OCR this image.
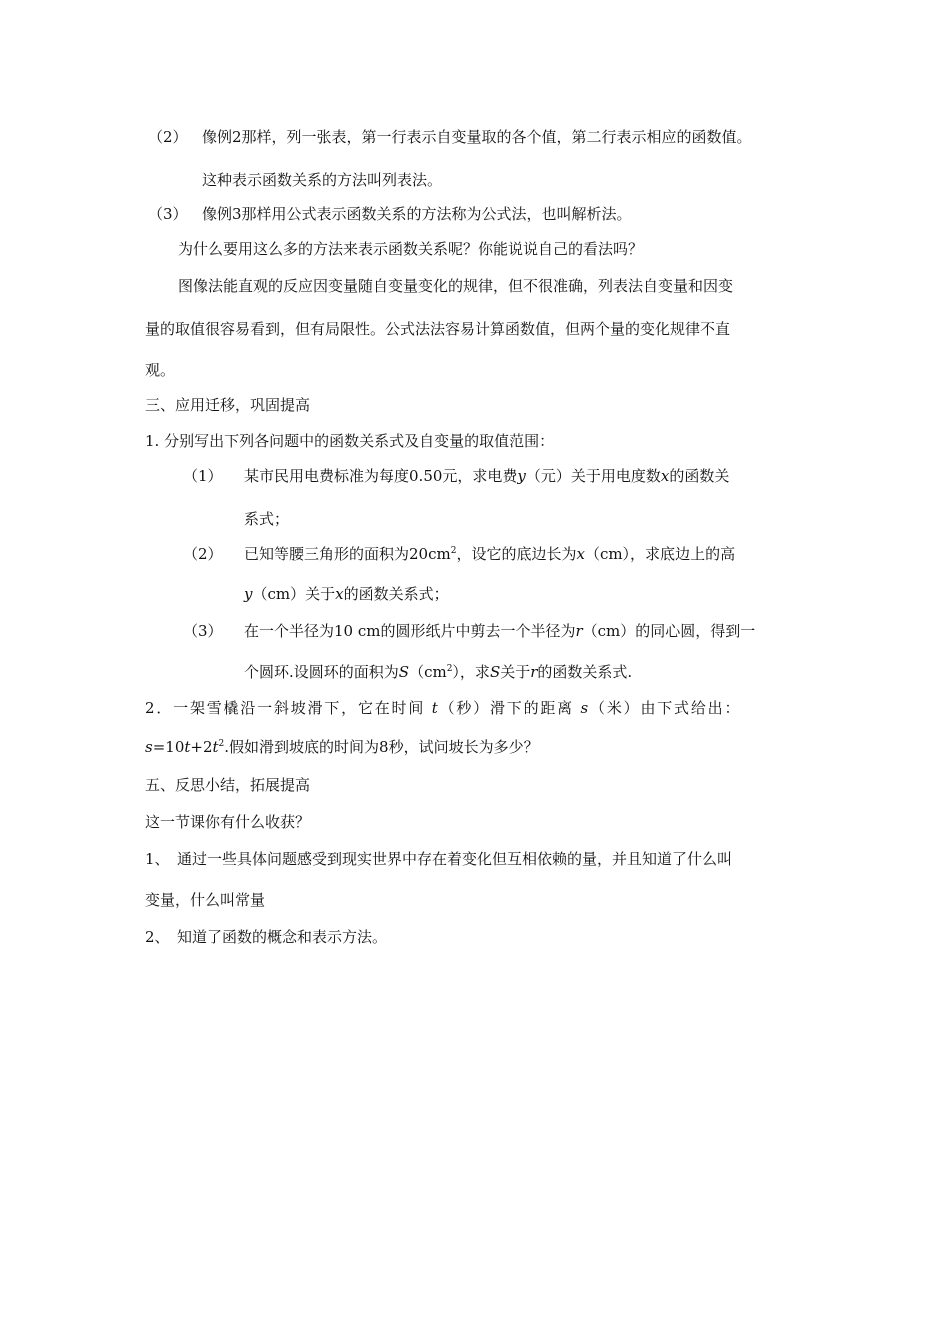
（2） 像例2那样，列一张表，第一行表示自变量取的各个值，第二行表示相应的函数值。
这种表示函数关系的方法叫列表法。
（3） 像例3那样用公式表示函数关系的方法称为公式法，也叫解析法。
为什么要用这么多的方法来表示函数关系呢？你能说说自己的看法吗？
图像法能直观的反应因变量随自变量变化的规律，但不很准确，列表法自变量和因变
量的取值很容易看到，但有局限性。公式法法容易计算函数值，但两个量的变化规律不直
观。
三、应用迁移，巩固提高
1. 分别写出下列各问题中的函数关系式及自变量的取值范围：
（1） 某市民用电费标准为每度0.50元，求电费y（元）关于用电度数x的函数关
系式；
（2） 已知等腰三角形的面积为$20cm^2$，设它的底边长为x（cm），求底边上的高
y（cm）关于x的函数关系式；
（3） 在一个半径为10 cm的圆形纸片中剪去一个半径为r（cm）的同心圆，得到一
个圆环.设圆环的面积为$S(cm^2)$，求S关于r的函数关系式.
2．一架雪橇沿一斜坡滑下，它在时间 t（秒）滑下的距离 s（米）由下式给出：
$s=10t+2t^2$.假如滑到坡底的时间为8秒，试问坡长为多少？
五、反思小结，拓展提高
这一节课你有什么收获？
1、 通过一些具体问题感受到现实世界中存在着变化但互相依赖的量，并且知道了什么叫
变量，什么叫常量
2、 知道了函数的概念和表示方法。
